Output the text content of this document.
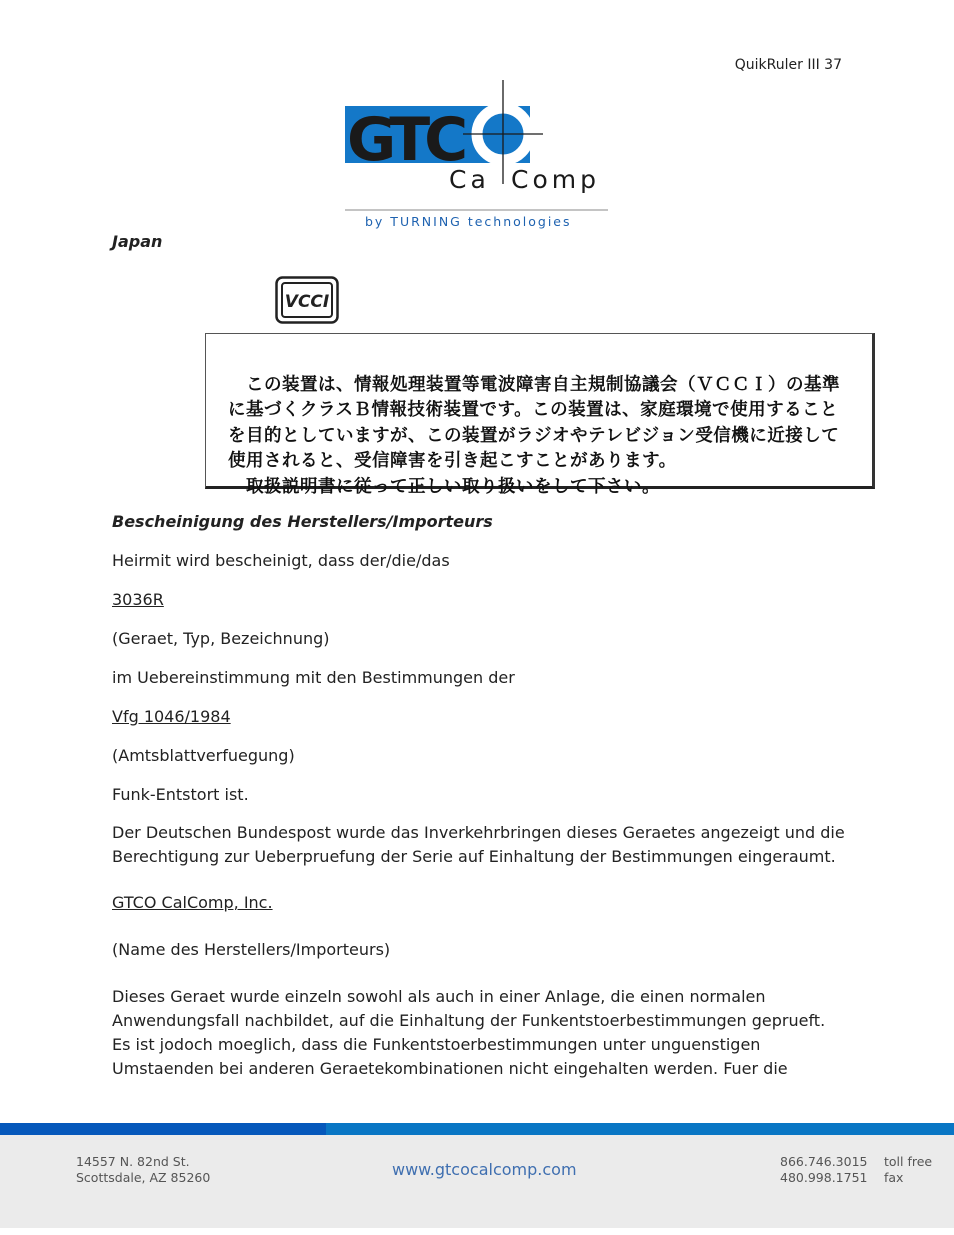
QuikRuler III 37
GTC
Ca Comp
by TURNING technologies
Japan
VCCI

　この装置は、情報処理装置等電波障害自主規制協議会（ＶＣＣＩ）の基準
に基づくクラスＢ情報技術装置です。この装置は、家庭環境で使用すること
を目的としていますが、この装置がラジオやテレビジョン受信機に近接して
使用されると、受信障害を引き起こすことがあります。
　取扱説明書に従って正しい取り扱いをして下さい。
Bescheinigung des Herstellers/Importeurs
Heirmit wird bescheinigt, dass der/die/das
3036R
(Geraet, Typ, Bezeichnung)
im Uebereinstimmung mit den Bestimmungen der
Vfg 1046/1984
(Amtsblattverfuegung)
Funk-Entstort ist.
Der Deutschen Bundespost wurde das Inverkehrbringen dieses Geraetes angezeigt und die Berechtigung zur Ueberpruefung der Serie auf Einhaltung der Bestimmungen eingeraumt.
GTCO CalComp, Inc.
(Name des Herstellers/Importeurs)
Dieses Geraet wurde einzeln sowohl als auch in einer Anlage, die einen normalen Anwendungsfall nachbildet, auf die Einhaltung der Funkentstoerbestimmungen geprueft. Es ist jodoch moeglich, dass die Funkentstoerbestimmungen unter unguenstigen Umstaenden bei anderen Geraetekombinationen nicht eingehalten werden. Fuer die
14557 N. 82nd St.
Scottsdale, AZ 85260	www.gtcocalcomp.com	866.746.3015
480.998.1751
toll free
fax
